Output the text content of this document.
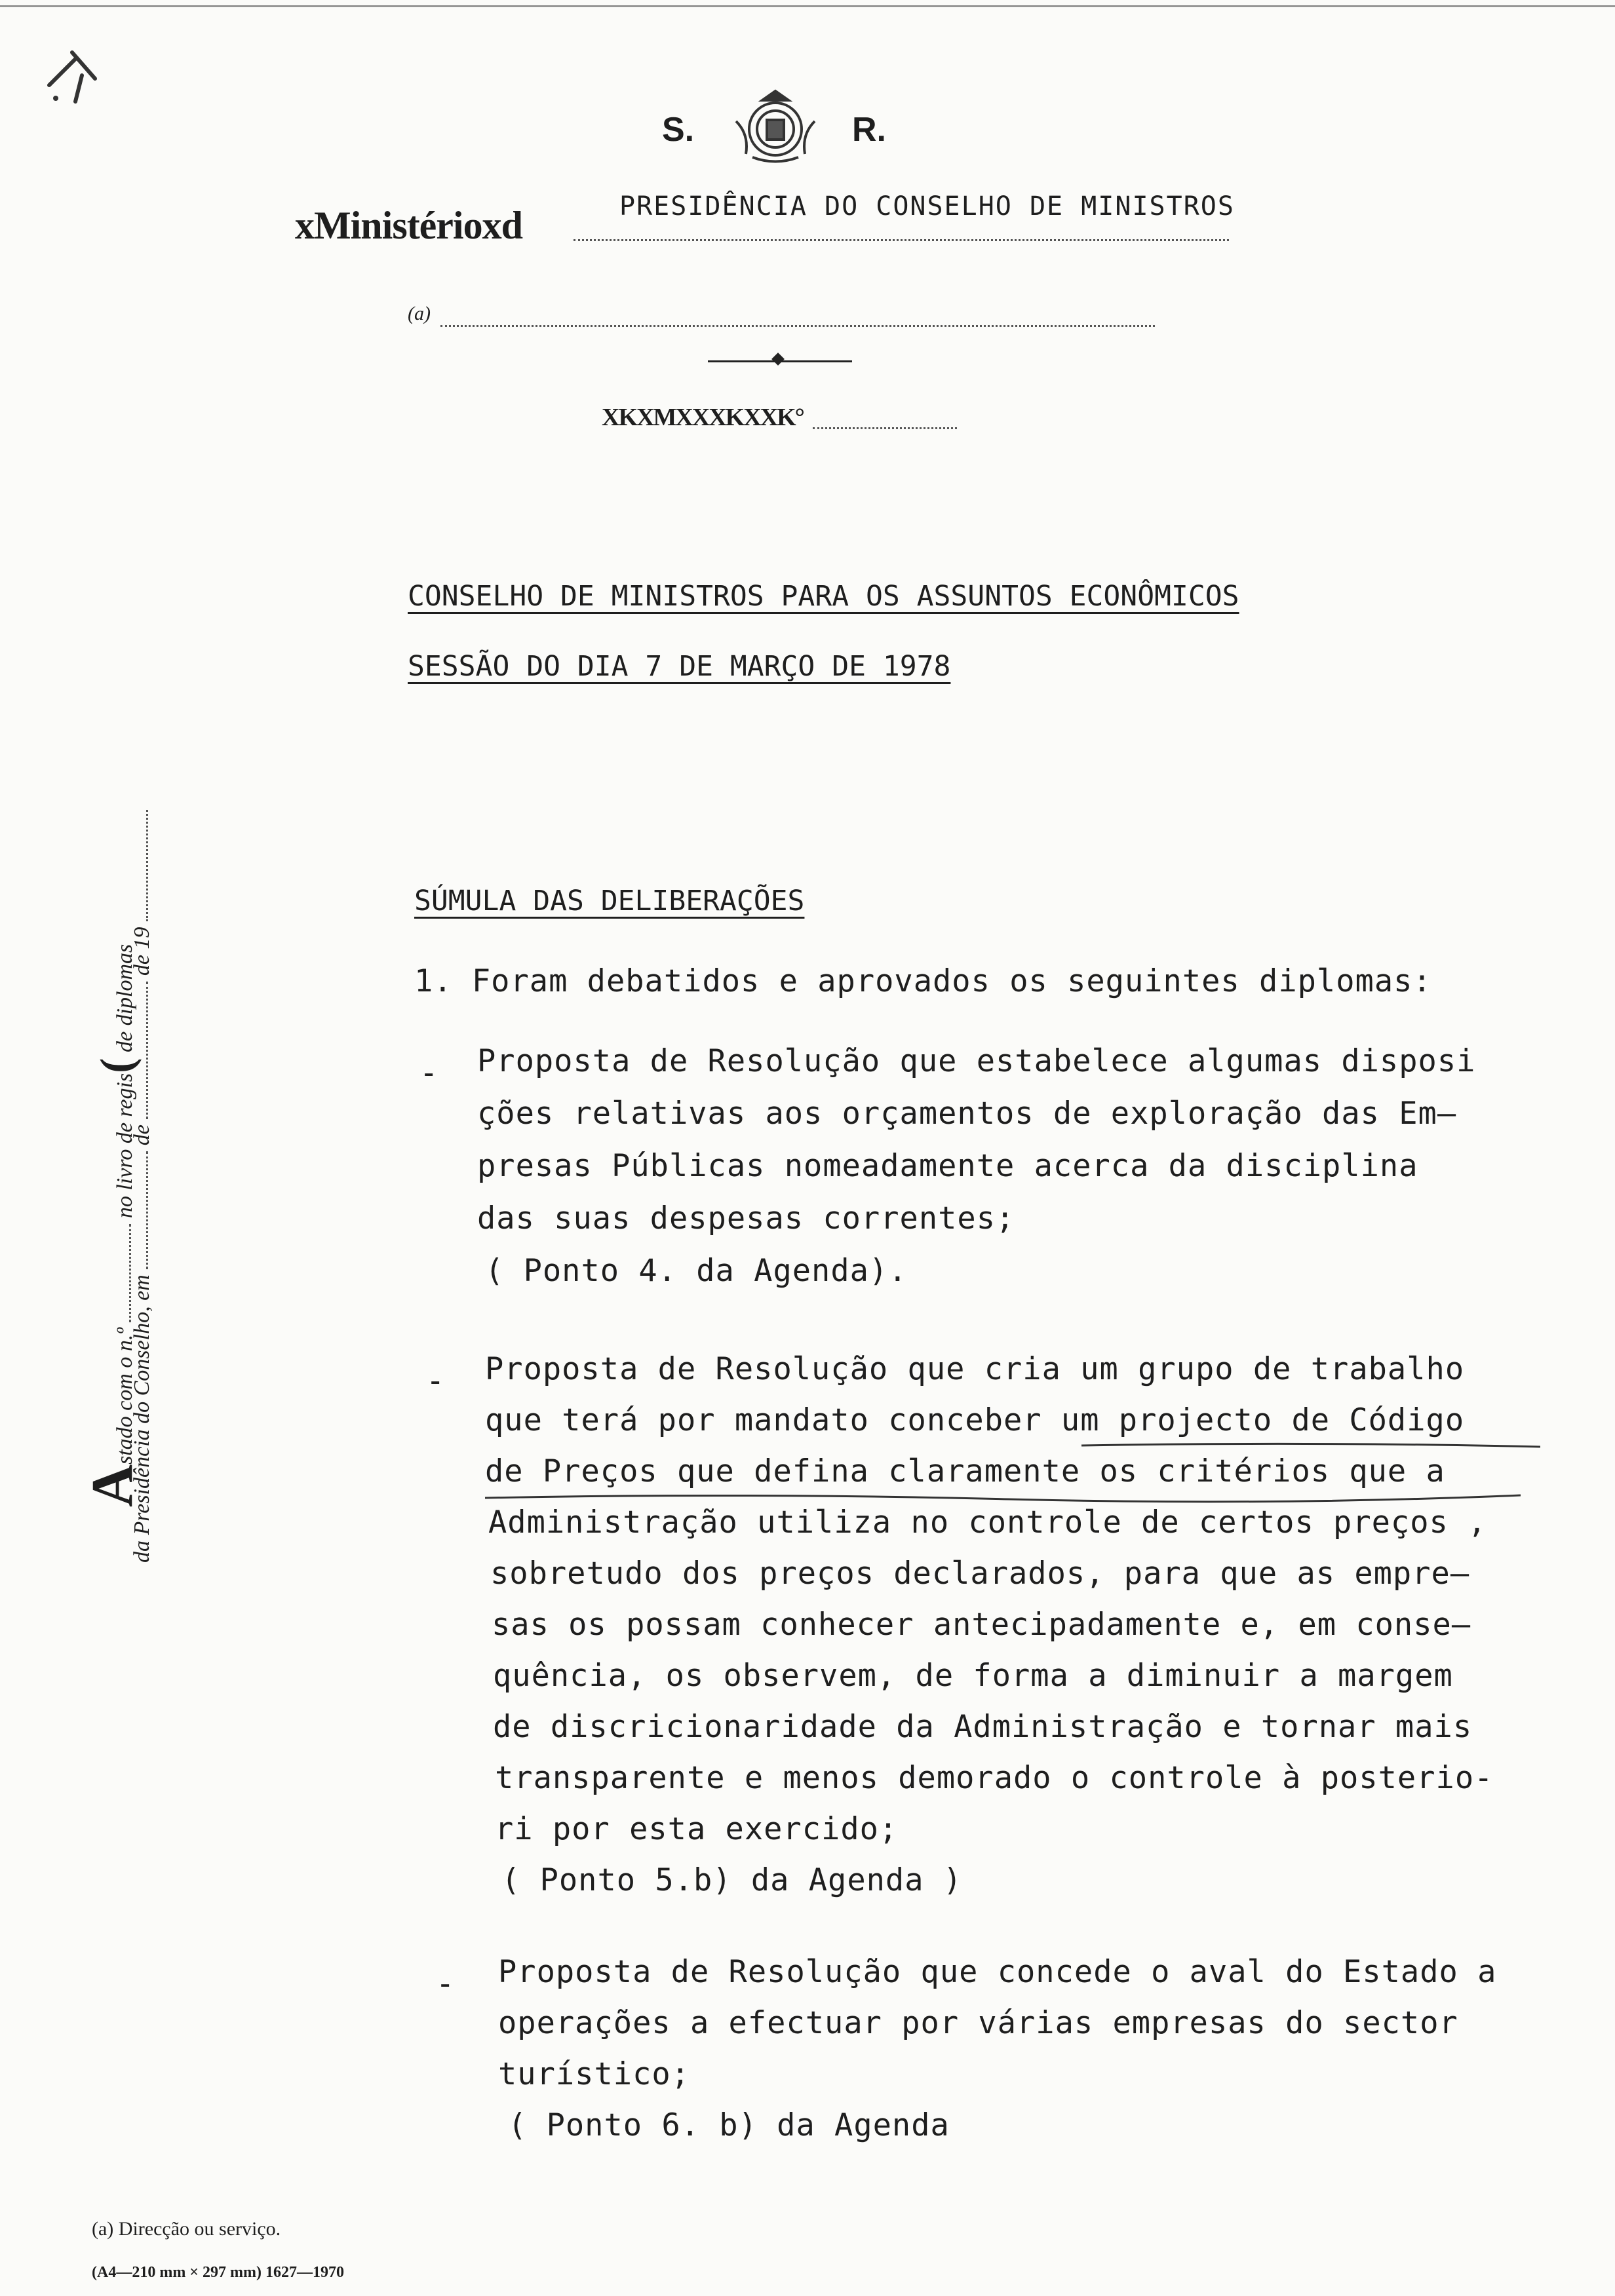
S.	R.
xMinistérioxd	PRESIDÊNCIA DO CONSELHO DE MINISTROS
(a)
XKXMXXXKXXK°
Astado com o n.º  no livro de regis( de diplomas
da Presidência do Conselho, em  de  de 19
CONSELHO DE MINISTROS PARA OS ASSUNTOS ECONÔMICOS
SESSÃO DO DIA 7 DE MARÇO DE 1978
SÚMULA DAS DELIBERAÇÕES
1. Foram debatidos e aprovados os seguintes diplomas:
- Proposta de Resolução que estabelece algumas disposi
ções relativas aos orçamentos de exploração das Em—
presas Públicas nomeadamente acerca da disciplina
das suas despesas correntes;
( Ponto 4. da Agenda).
- Proposta de Resolução que cria um grupo de trabalho
que terá por mandato conceber um projecto de Código
de Preços que defina claramente os critérios que a
Administração utiliza no controle de certos preços ,
sobretudo dos preços declarados, para que as empre—
sas os possam conhecer antecipadamente e, em conse—
quência, os observem, de forma a diminuir a margem
de discricionaridade da Administração e tornar mais
transparente e menos demorado o controle à posterio-
ri por esta exercido;
( Ponto 5.b) da Agenda )
- Proposta de Resolução que concede o aval do Estado a
operações a efectuar por várias empresas do sector
turístico;
( Ponto 6. b) da Agenda
(a) Direcção ou serviço.
(A4—210 mm × 297 mm) 1627—1970
